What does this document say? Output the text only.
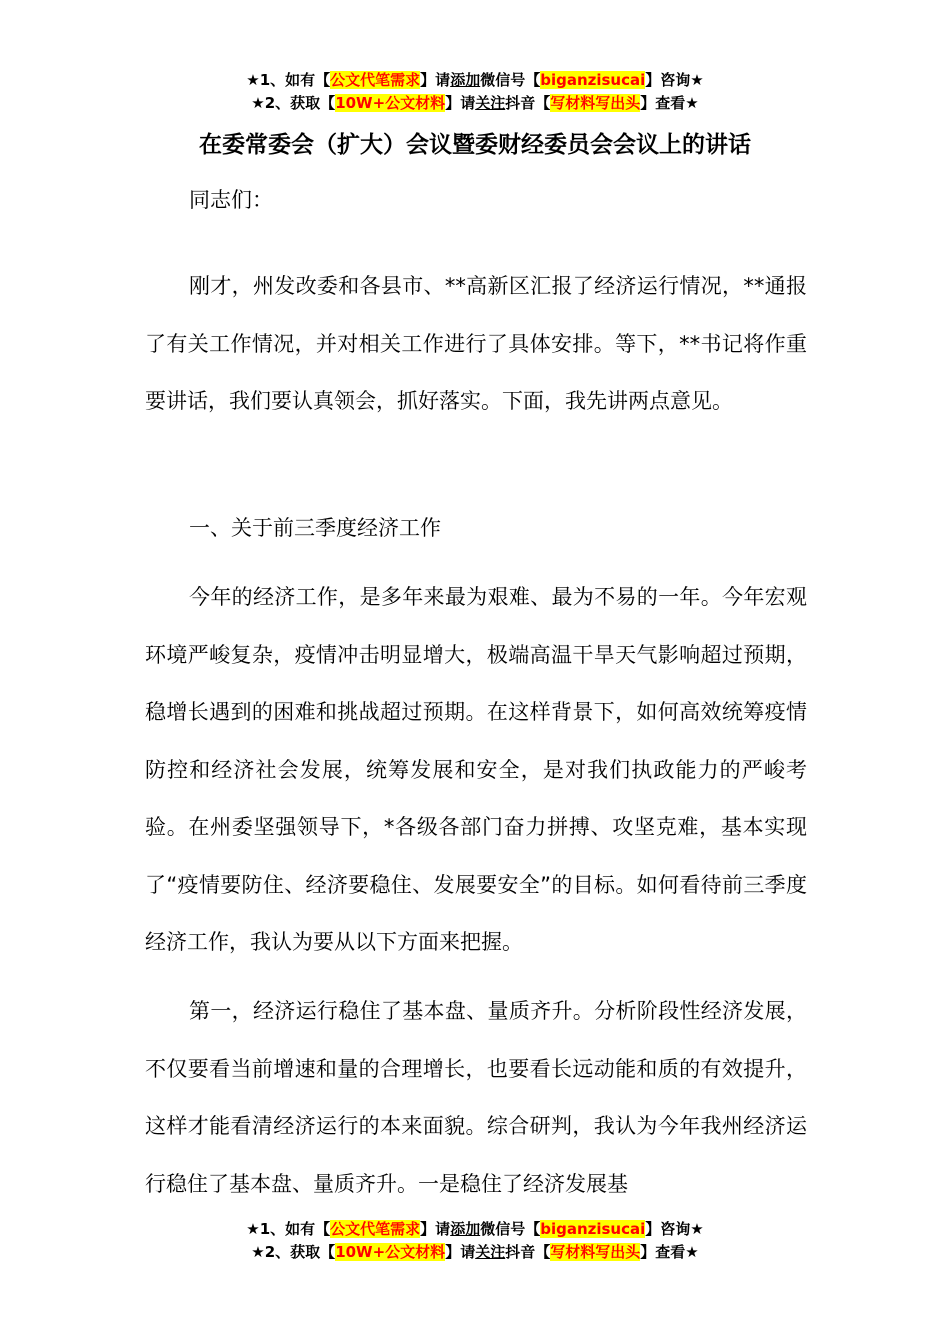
★1、如有【公文代笔需求】请添加微信号【biganzisucai】咨询★
★2、获取【10W+公文材料】请关注抖音【写材料写出头】查看★
在委常委会（扩大）会议暨委财经委员会会议上的讲话

同志们：

刚才，州发改委和各县市、**高新区汇报了经济运行情况，**通报了有关工作情况，并对相关工作进行了具体安排。等下，**书记将作重要讲话，我们要认真领会，抓好落实。下面，我先讲两点意见。

一、关于前三季度经济工作

今年的经济工作，是多年来最为艰难、最为不易的一年。今年宏观环境严峻复杂，疫情冲击明显增大，极端高温干旱天气影响超过预期，稳增长遇到的困难和挑战超过预期。在这样背景下，如何高效统筹疫情防控和经济社会发展，统筹发展和安全，是对我们执政能力的严峻考验。在州委坚强领导下，*各级各部门奋力拼搏、攻坚克难，基本实现了“疫情要防住、经济要稳住、发展要安全”的目标。如何看待前三季度经济工作，我认为要从以下方面来把握。

第一，经济运行稳住了基本盘、量质齐升。分析阶段性经济发展，不仅要看当前增速和量的合理增长，也要看长远动能和质的有效提升，这样才能看清经济运行的本来面貌。综合研判，我认为今年我州经济运行稳住了基本盘、量质齐升。一是稳住了经济发展基

★1、如有【公文代笔需求】请添加微信号【biganzisucai】咨询★
★2、获取【10W+公文材料】请关注抖音【写材料写出头】查看★
